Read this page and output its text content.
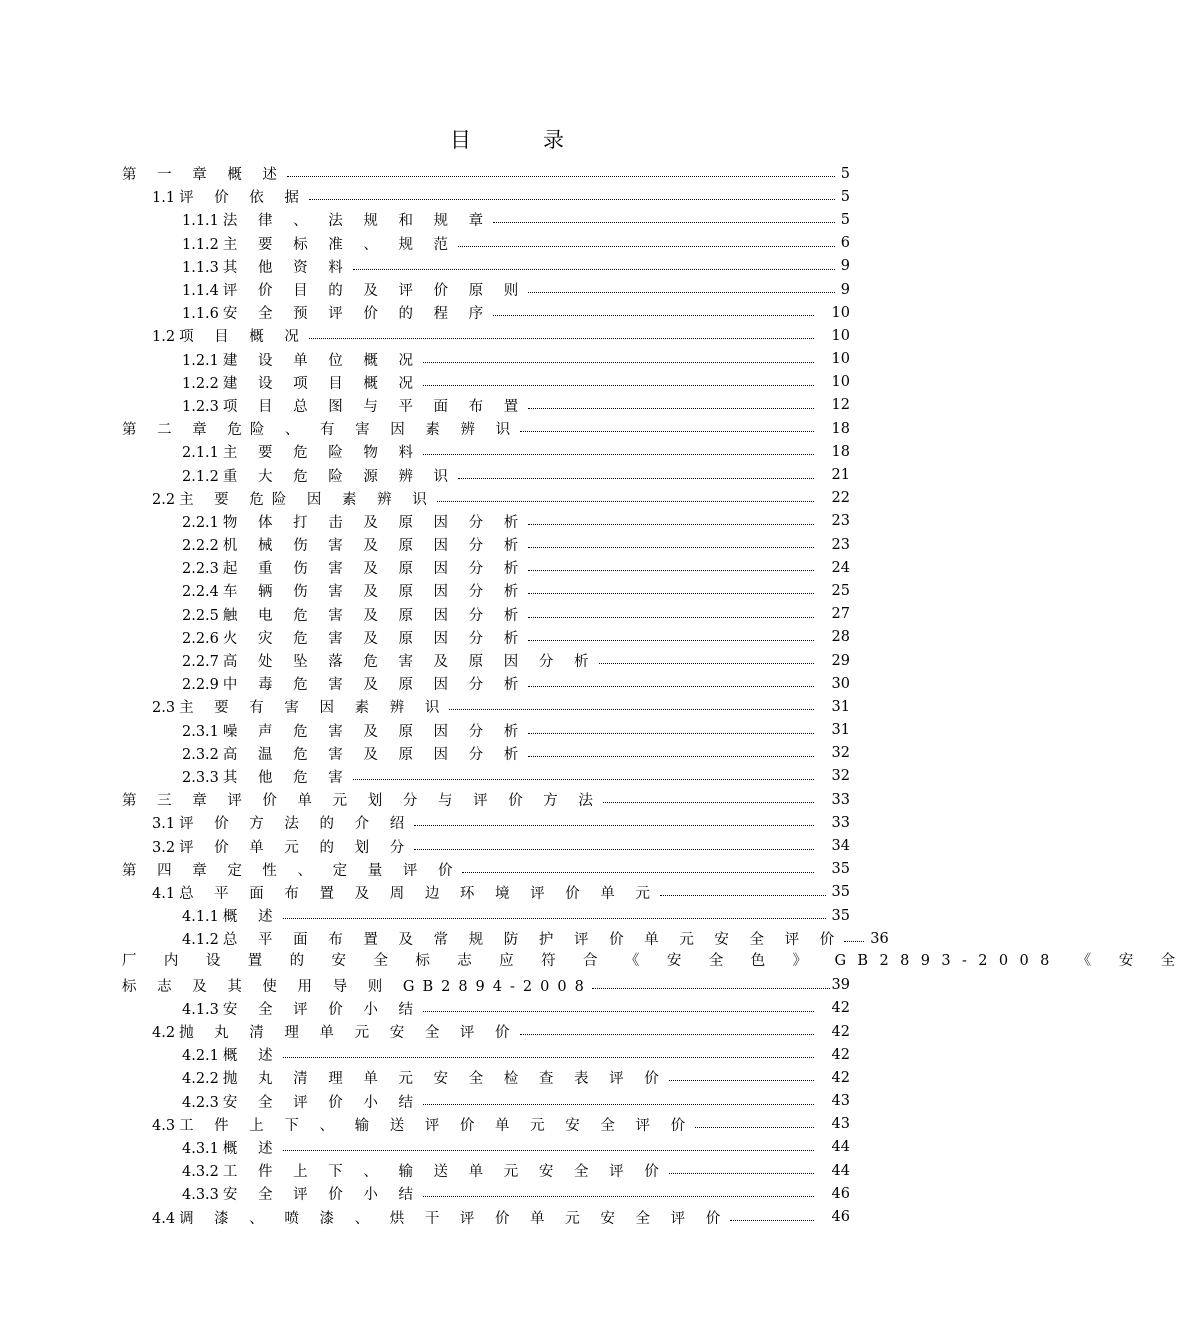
目	录
第 一 章 概 述	5
1.1 评 价 依 据	5
1.1.1 法 律 、 法 规 和 规 章	5
1.1.2 主 要 标 准 、 规 范	6
1.1.3 其 他 资 料	9
1.1.4 评 价 目 的 及 评 价 原 则	9
1.1.6 安 全 预 评 价 的 程 序	10
1.2 项 目 概 况	10
1.2.1 建 设 单 位 概 况	10
1.2.2 建 设 项 目 概 况	10
1.2.3 项 目 总 图 与 平 面 布 置	12
第 二 章 危险 、 有 害 因 素 辨 识	18
2.1.1 主 要 危 险 物 料	18
2.1.2 重 大 危 险 源 辨 识	21
2.2 主 要 危险 因 素 辨 识	22
2.2.1 物 体 打 击 及 原 因 分 析	23
2.2.2 机 械 伤 害 及 原 因 分 析	23
2.2.3 起 重 伤 害 及 原 因 分 析	24
2.2.4 车 辆 伤 害 及 原 因 分 析	25
2.2.5 触 电 危 害 及 原 因 分 析	27
2.2.6 火 灾 危 害 及 原 因 分 析	28
2.2.7 高 处 坠 落 危 害 及 原 因 分 析	29
2.2.9 中 毒 危 害 及 原 因 分 析	30
2.3 主 要 有 害 因 素 辨 识	31
2.3.1 噪 声 危 害 及 原 因 分 析	31
2.3.2 高 温 危 害 及 原 因 分 析	32
2.3.3 其 他 危 害	32
第 三 章 评 价 单 元 划 分 与 评 价 方 法	33
3.1 评 价 方 法 的 介 绍	33
3.2 评 价 单 元 的 划 分	34
第 四 章 定 性 、 定 量 评 价	35
4.1 总 平 面 布 置 及 周 边 环 境 评 价 单 元	35
4.1.1 概 述	35
4.1.2 总 平 面 布 置 及 常 规 防 护 评 价 单 元 安 全 评 价 36
厂 内 设 置 的 安 全 标 志 应 符 合 《 安 全 色 》 GB2893-2008 《 安 全
标 志 及 其 使 用 导 则 GB2894-2008	39
4.1.3 安 全 评 价 小 结	42
4.2 抛 丸 清 理 单 元 安 全 评 价	42
4.2.1 概 述	42
4.2.2 抛 丸 清 理 单 元 安 全 检 查 表 评 价	42
4.2.3 安 全 评 价 小 结	43
4.3 工 件 上 下 、 输 送 评 价 单 元 安 全 评 价	43
4.3.1 概 述	44
4.3.2 工 件 上 下 、 输 送 单 元 安 全 评 价	44
4.3.3 安 全 评 价 小 结	46
4.4 调 漆 、 喷 漆 、 烘 干 评 价 单 元 安 全 评 价	46
